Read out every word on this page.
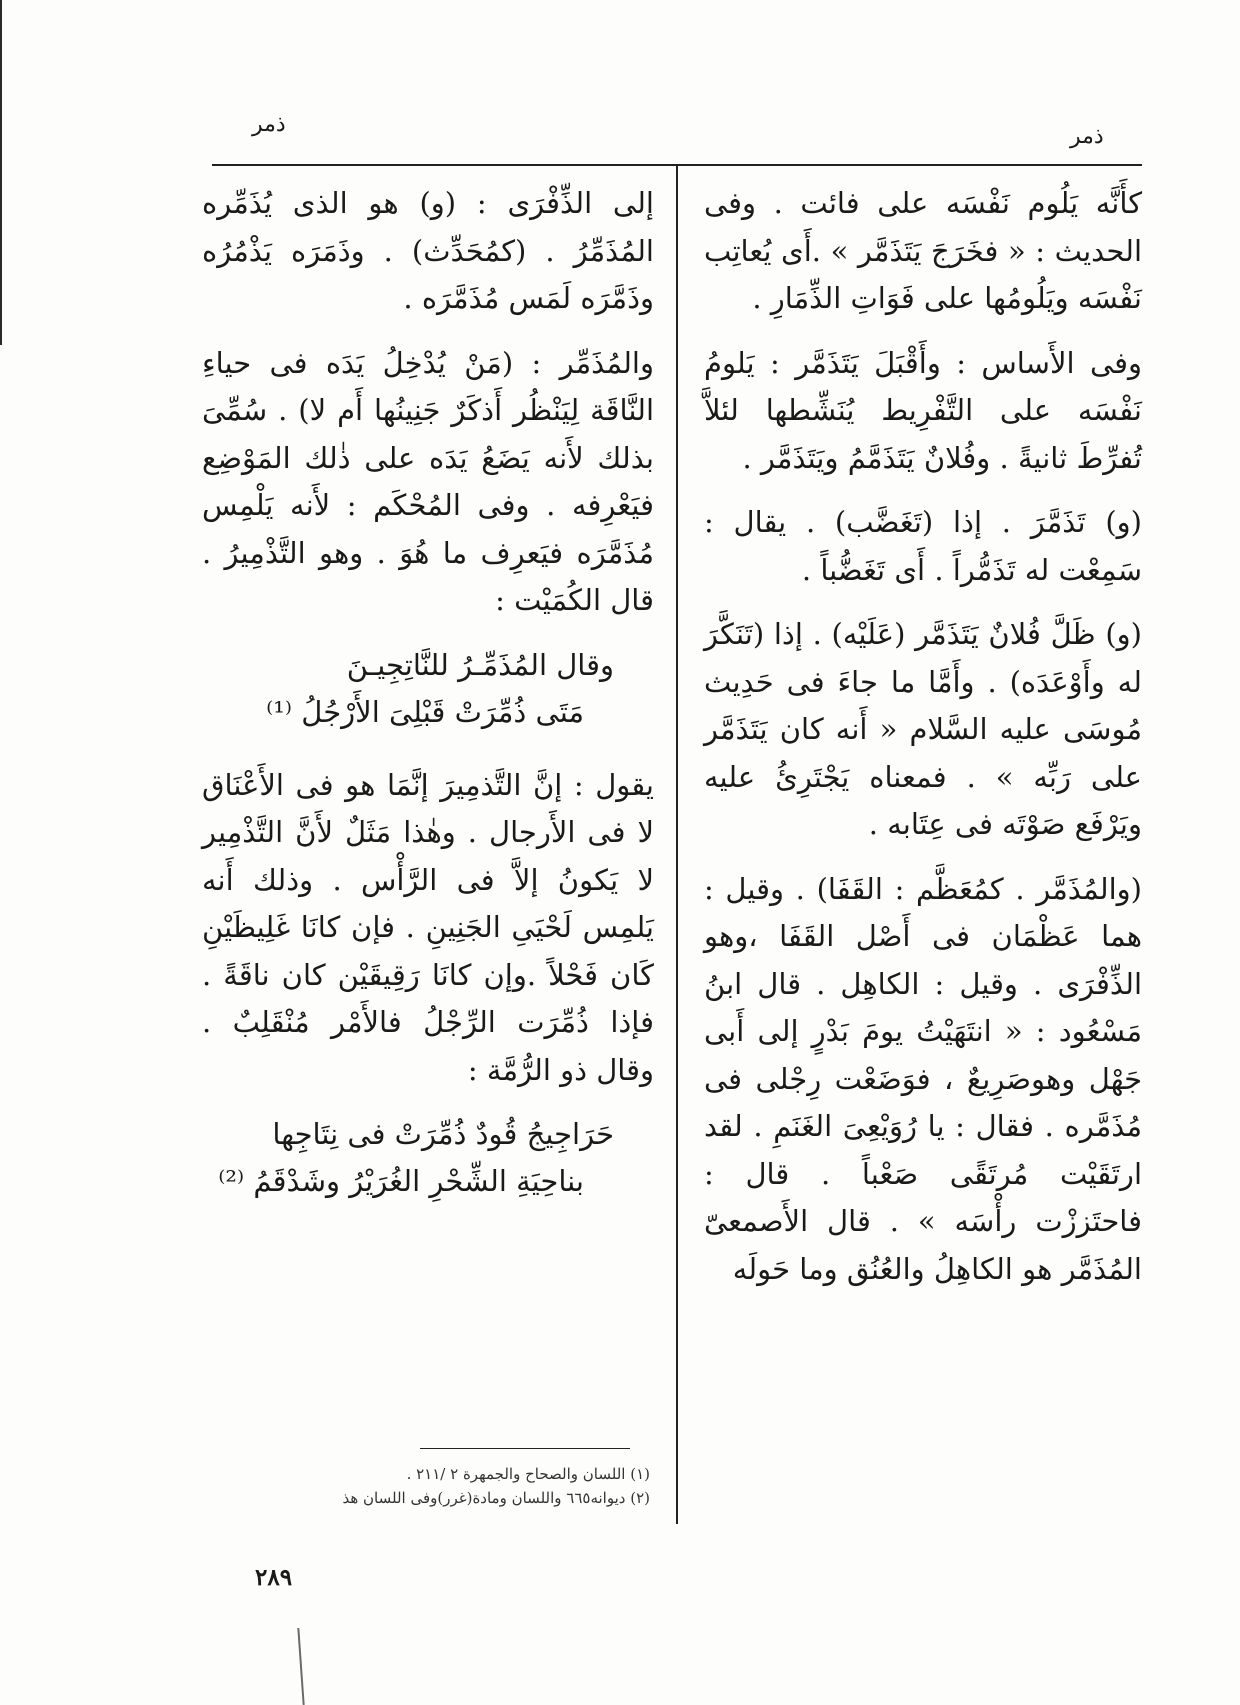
ذمر	ذمر

كأَنَّه يَلُوم نَفْسَه على فائت . وفى الحديث : « فخَرَجَ يَتَذَمَّر » .أَى يُعاتِب نَفْسَه ويَلُومُها على فَوَاتِ الذِّمَارِ .

وفى الأَساس : وأَقْبَلَ يَتَذَمَّر : يَلومُ نَفْسَه على التَّفْرِيط يُنَشِّطها لئلاَّ تُفرِّطَ ثانيةً . وفُلانٌ يَتَذَمَّمُ ويَتَذَمَّر .

(و) تَذَمَّرَ . إذا (تَغَضَّب) . يقال : سَمِعْت له تَذَمُّراً . أَى تَغَضُّباً .

(و) ظَلَّ فُلانٌ يَتَذَمَّر (عَلَيْه) . إذا (تَنَكَّرَ له وأَوْعَدَه) . وأَمَّا ما جاءَ فى حَدِيث مُوسَى عليه السَّلام « أَنه كان يَتَذَمَّر على رَبِّه » . فمعناه يَجْتَرِئُ عليه ويَرْفَع صَوْتَه فى عِتَابه .

(والمُذَمَّر . كمُعَظَّم : القَفَا) . وقيل : هما عَظْمَان فى أَصْل القَفَا ،وهو الذِّفْرَى . وقيل : الكاهِل . قال ابنُ مَسْعُود : « انتَهَيْتُ يومَ بَدْرٍ إلى أَبى جَهْل وهوصَرِيعٌ ، فوَضَعْت رِجْلى فى مُذَمَّره . فقال : يا رُوَيْعِىَ الغَنَمِ . لقد ارتَقَيْت مُرتَقًى صَعْباً . قال : فاحتَززْت رأْسَه » . قال الأَصمعىّ المُذَمَّر هو الكاهِلُ والعُنُق وما حَولَه

إلى الذِّفْرَى : (و) هو الذى يُذَمِّره المُذَمِّرُ . (كمُحَدِّث) . وذَمَرَه يَذْمُرُه وذَمَّرَه لَمَس مُذَمَّرَه .

والمُذَمِّر : (مَنْ يُدْخِلُ يَدَه فى حياءِ النَّاقَة لِيَنْظُر أَذكَرٌ جَنِينُها أَم لا) . سُمِّىَ بذلك لأَنه يَضَعُ يَدَه على ذٰلك المَوْضِع فيَعْرِفه . وفى المُحْكَم : لأَنه يَلْمِس مُذَمَّرَه فيَعرِف ما هُوَ . وهو التَّذْمِيرُ . قال الكُمَيْت :

وقال المُذَمِّـرُ للنَّاتِجِيـنَ
مَتَى ذُمِّرَتْ قَبْلِىَ الأَرْجُلُ ⁽¹⁾

يقول : إنَّ التَّذمِيرَ إنَّمَا هو فى الأَعْنَاق لا فى الأَرجال . وهٰذا مَثَلٌ لأَنَّ التَّذْمِير لا يَكونُ إلاَّ فى الرَّأْس . وذلك أَنه يَلمِس لَحْيَىِ الجَنِينِ . فإن كانَا غَلِيظَيْنِ كَان فَحْلاً .وإن كانَا رَقِيقَيْن كان ناقَةً . فإذا ذُمِّرَت الرِّجْلُ فالأَمْر مُنْقَلِبٌ . وقال ذو الرُّمَّة :

حَرَاجِيجُ قُودٌ ذُمِّرَتْ فى نِتَاجِها
بناحِيَةِ الشِّحْرِ الغُرَيْرُ وشَدْقَمُ ⁽²⁾
(١) اللسان والصحاح والجمهرة ٢ /٢١١ .
(٢) ديوانه٦٦٥ واللسان ومادة(غرر)وفى اللسان هذ
٢٨٩
